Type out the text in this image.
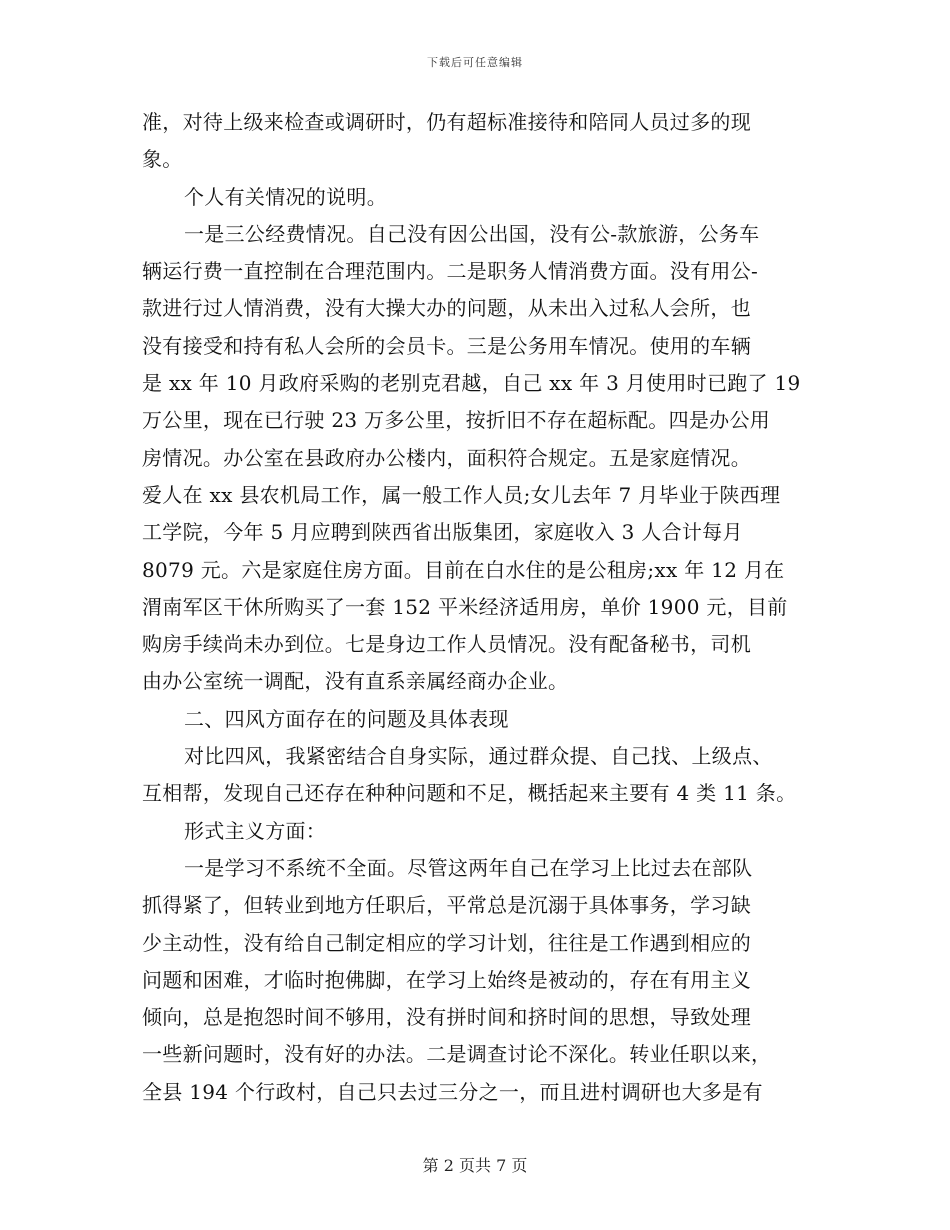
下载后可任意编辑
准，对待上级来检查或调研时，仍有超标准接待和陪同人员过多的现
象。
个人有关情况的说明。
一是三公经费情况。自己没有因公出国，没有公-款旅游，公务车
辆运行费一直控制在合理范围内。二是职务人情消费方面。没有用公-
款进行过人情消费，没有大操大办的问题，从未出入过私人会所，也
没有接受和持有私人会所的会员卡。三是公务用车情况。使用的车辆
是 xx 年 10 月政府采购的老别克君越，自己 xx 年 3 月使用时已跑了 19
万公里，现在已行驶 23 万多公里，按折旧不存在超标配。四是办公用
房情况。办公室在县政府办公楼内，面积符合规定。五是家庭情况。
爱人在 xx 县农机局工作，属一般工作人员;女儿去年 7 月毕业于陕西理
工学院，今年 5 月应聘到陕西省出版集团，家庭收入 3 人合计每月
8079 元。六是家庭住房方面。目前在白水住的是公租房;xx 年 12 月在
渭南军区干休所购买了一套 152 平米经济适用房，单价 1900 元，目前
购房手续尚未办到位。七是身边工作人员情况。没有配备秘书，司机
由办公室统一调配，没有直系亲属经商办企业。
二、四风方面存在的问题及具体表现
对比四风，我紧密结合自身实际，通过群众提、自己找、上级点、
互相帮，发现自己还存在种种问题和不足，概括起来主要有 4 类 11 条。
形式主义方面：
一是学习不系统不全面。尽管这两年自己在学习上比过去在部队
抓得紧了，但转业到地方任职后，平常总是沉溺于具体事务，学习缺
少主动性，没有给自己制定相应的学习计划，往往是工作遇到相应的
问题和困难，才临时抱佛脚，在学习上始终是被动的，存在有用主义
倾向，总是抱怨时间不够用，没有拼时间和挤时间的思想，导致处理
一些新问题时，没有好的办法。二是调查讨论不深化。转业任职以来，
全县 194 个行政村，自己只去过三分之一，而且进村调研也大多是有
第 2 页共 7 页
